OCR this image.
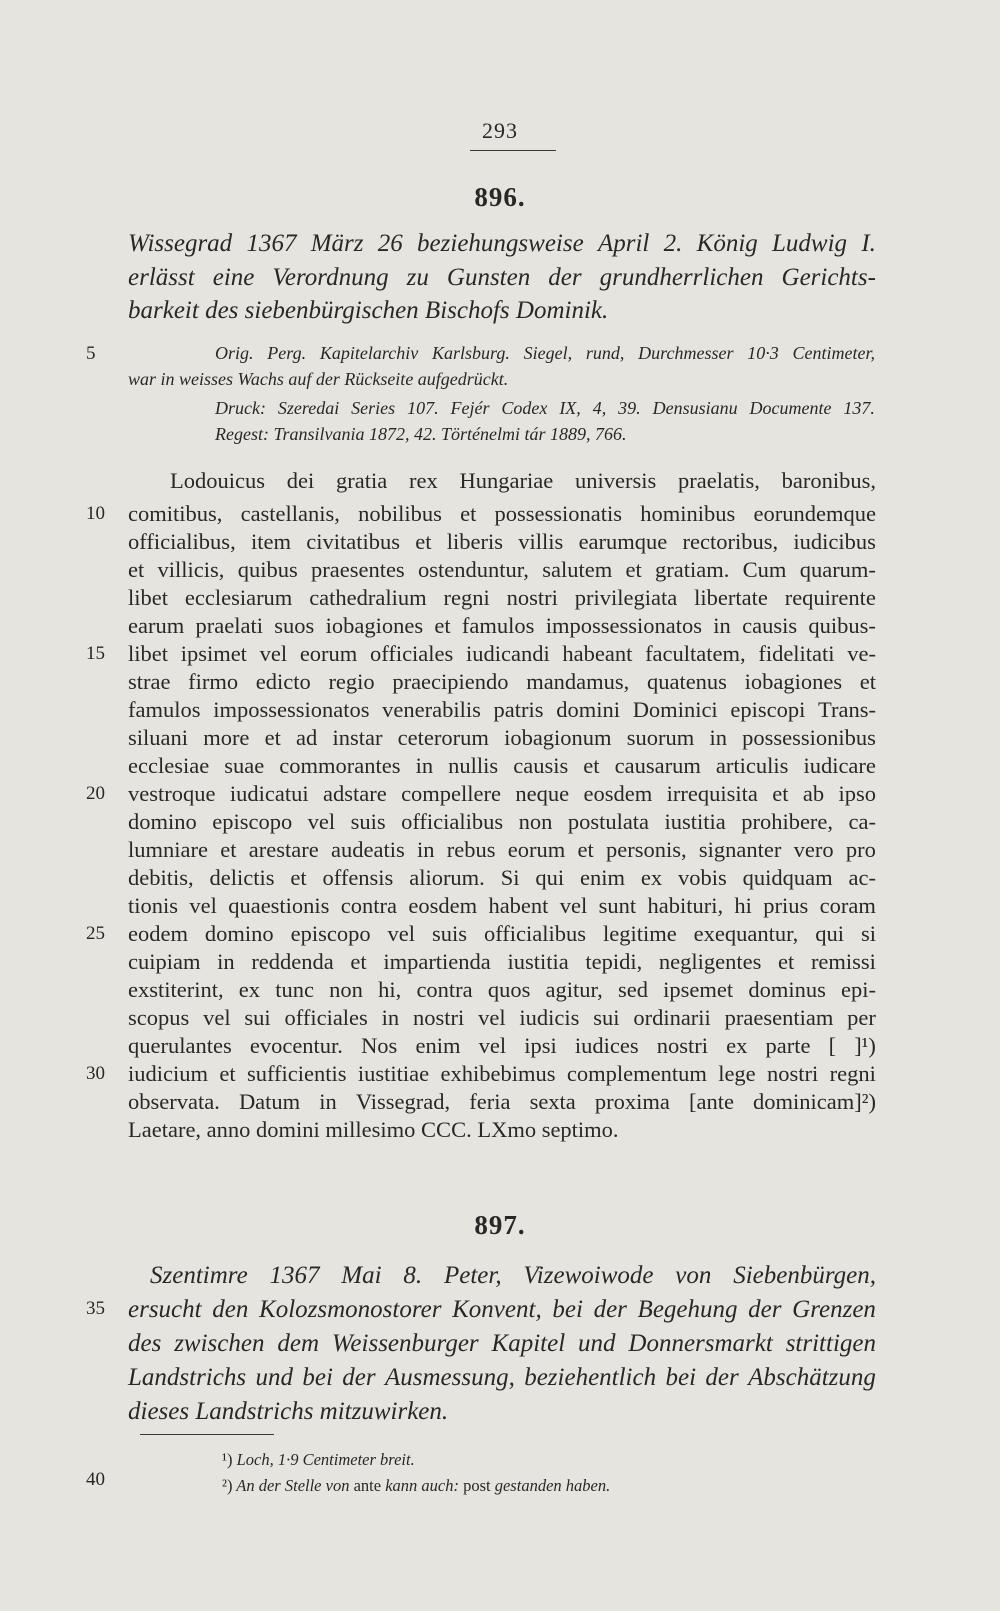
293
896.
Wissegrad 1367 März 26 beziehungsweise April 2. König Ludwig I.
erlässt eine Verordnung zu Gunsten der grundherrlichen Gerichts-
barkeit des siebenbürgischen Bischofs Dominik.
Orig. Perg. Kapitelarchiv Karlsburg. Siegel, rund, Durchmesser 10·3 Centimeter,
war in weisses Wachs auf der Rückseite aufgedrückt.
Druck: Szeredai Series 107. Fejér Codex IX, 4, 39. Densusianu Documente 137.
Regest: Transilvania 1872, 42. Történelmi tár 1889, 766.
Lodouicus dei gratia rex Hungariae universis praelatis, baronibus,
comitibus, castellanis, nobilibus et possessionatis hominibus eorundemque
officialibus, item civitatibus et liberis villis earumque rectoribus, iudicibus
et villicis, quibus praesentes ostenduntur, salutem et gratiam. Cum quarum-
libet ecclesiarum cathedralium regni nostri privilegiata libertate requirente
earum praelati suos iobagiones et famulos impossessionatos in causis quibus-
libet ipsimet vel eorum officiales iudicandi habeant facultatem, fidelitati ve-
strae firmo edicto regio praecipiendo mandamus, quatenus iobagiones et
famulos impossessionatos venerabilis patris domini Dominici episcopi Trans-
siluani more et ad instar ceterorum iobagionum suorum in possessionibus
ecclesiae suae commorantes in nullis causis et causarum articulis iudicare
vestroque iudicatui adstare compellere neque eosdem irrequisita et ab ipso
domino episcopo vel suis officialibus non postulata iustitia prohibere, ca-
lumniare et arestare audeatis in rebus eorum et personis, signanter vero pro
debitis, delictis et offensis aliorum. Si qui enim ex vobis quidquam ac-
tionis vel quaestionis contra eosdem habent vel sunt habituri, hi prius coram
eodem domino episcopo vel suis officialibus legitime exequantur, qui si
cuipiam in reddenda et impartienda iustitia tepidi, negligentes et remissi
exstiterint, ex tunc non hi, contra quos agitur, sed ipsemet dominus epi-
scopus vel sui officiales in nostri vel iudicis sui ordinarii praesentiam per
querulantes evocentur. Nos enim vel ipsi iudices nostri ex parte [ ]¹)
iudicium et sufficientis iustitiae exhibebimus complementum lege nostri regni
observata. Datum in Vissegrad, feria sexta proxima [ante dominicam]²)
Laetare, anno domini millesimo CCC. LXmo septimo.
897.
Szentimre 1367 Mai 8. Peter, Vizewoiwode von Siebenbürgen,
ersucht den Kolozsmonostorer Konvent, bei der Begehung der Grenzen
des zwischen dem Weissenburger Kapitel und Donnersmarkt strittigen
Landstrichs und bei der Ausmessung, beziehentlich bei der Abschätzung
dieses Landstrichs mitzuwirken.
¹) Loch, 1·9 Centimeter breit.
²) An der Stelle von ante kann auch: post gestanden haben.
5
10
15
20
25
30
35
40
